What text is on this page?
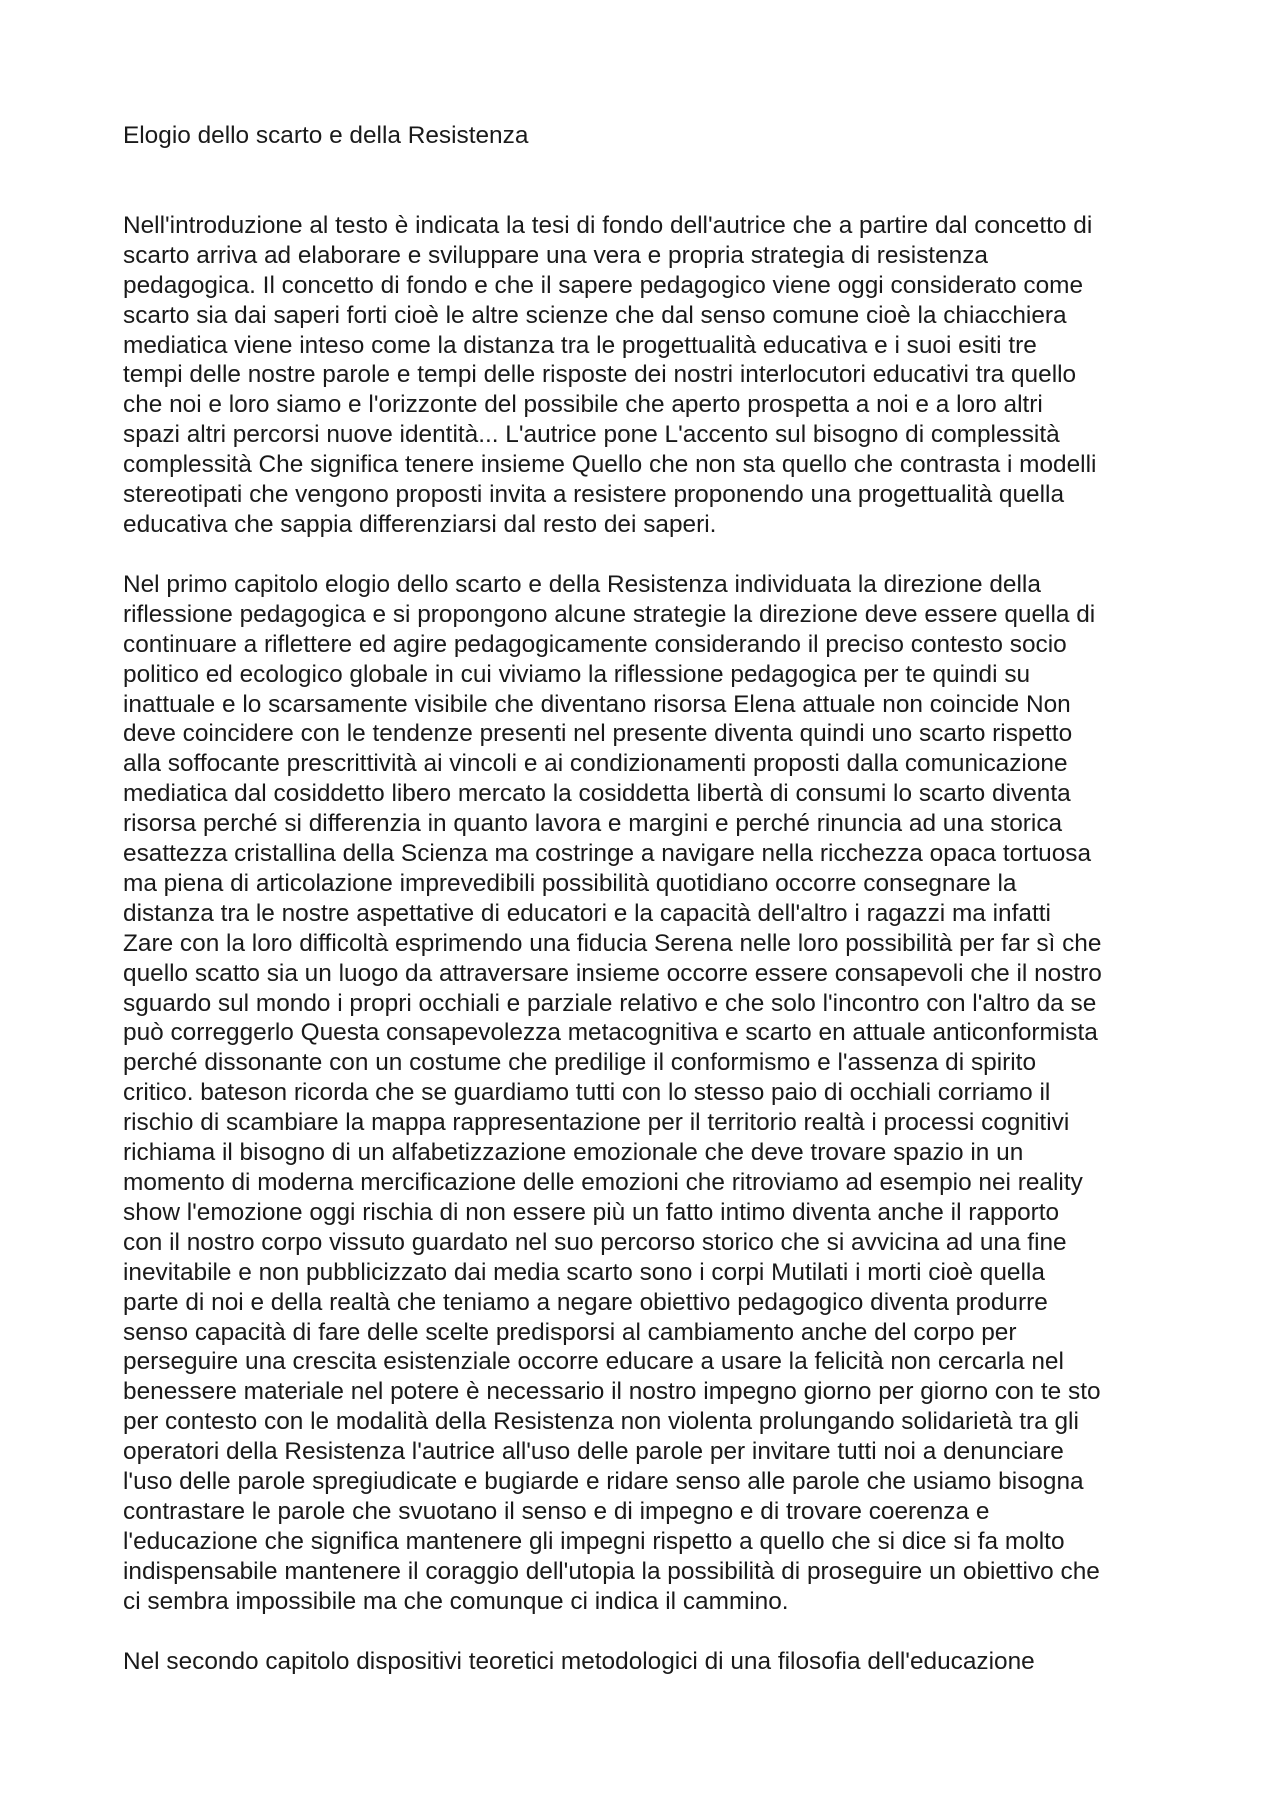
Elogio dello scarto e della Resistenza
Nell'introduzione al testo è indicata la tesi di fondo dell'autrice che a partire dal concetto di
scarto arriva ad elaborare e sviluppare una vera e propria strategia di resistenza
pedagogica. Il concetto di fondo e che il sapere pedagogico viene oggi considerato come
scarto sia dai saperi forti cioè le altre scienze che dal senso comune cioè la chiacchiera
mediatica viene inteso come la distanza tra le progettualità educativa e i suoi esiti tre
tempi delle nostre parole e tempi delle risposte dei nostri interlocutori educativi tra quello
che noi e loro siamo e l'orizzonte del possibile che aperto prospetta a noi e a loro altri
spazi altri percorsi nuove identità... L'autrice pone L'accento sul bisogno di complessità
complessità Che significa tenere insieme Quello che non sta quello che contrasta i modelli
stereotipati che vengono proposti invita a resistere proponendo una progettualità quella
educativa che sappia differenziarsi dal resto dei saperi.
Nel primo capitolo elogio dello scarto e della Resistenza individuata la direzione della
riflessione pedagogica e si propongono alcune strategie la direzione deve essere quella di
continuare a riflettere ed agire pedagogicamente considerando il preciso contesto socio
politico ed ecologico globale in cui viviamo la riflessione pedagogica per te quindi su
inattuale e lo scarsamente visibile che diventano risorsa Elena attuale non coincide Non
deve coincidere con le tendenze presenti nel presente diventa quindi uno scarto rispetto
alla soffocante prescrittività ai vincoli e ai condizionamenti proposti dalla comunicazione
mediatica dal cosiddetto libero mercato la cosiddetta libertà di consumi lo scarto diventa
risorsa perché si differenzia in quanto lavora e margini e perché rinuncia ad una storica
esattezza cristallina della Scienza ma costringe a navigare nella ricchezza opaca tortuosa
ma piena di articolazione imprevedibili possibilità quotidiano occorre consegnare la
distanza tra le nostre aspettative di educatori e la capacità dell'altro i ragazzi ma infatti
Zare con la loro difficoltà esprimendo una fiducia Serena nelle loro possibilità per far sì che
quello scatto sia un luogo da attraversare insieme occorre essere consapevoli che il nostro
sguardo sul mondo i propri occhiali e parziale relativo e che solo l'incontro con l'altro da se
può correggerlo Questa consapevolezza metacognitiva e scarto en attuale anticonformista
perché dissonante con un costume che predilige il conformismo e l'assenza di spirito
critico. bateson ricorda che se guardiamo tutti con lo stesso paio di occhiali corriamo il
rischio di scambiare la mappa rappresentazione per il territorio realtà i processi cognitivi
richiama il bisogno di un alfabetizzazione emozionale che deve trovare spazio in un
momento di moderna mercificazione delle emozioni che ritroviamo ad esempio nei reality
show l'emozione oggi rischia di non essere più un fatto intimo diventa anche il rapporto
con il nostro corpo vissuto guardato nel suo percorso storico che si avvicina ad una fine
inevitabile e non pubblicizzato dai media scarto sono i corpi Mutilati i morti cioè quella
parte di noi e della realtà che teniamo a negare obiettivo pedagogico diventa produrre
senso capacità di fare delle scelte predisporsi al cambiamento anche del corpo per
perseguire una crescita esistenziale occorre educare a usare la felicità non cercarla nel
benessere materiale nel potere è necessario il nostro impegno giorno per giorno con te sto
per contesto con le modalità della Resistenza non violenta prolungando solidarietà tra gli
operatori della Resistenza l'autrice all'uso delle parole per invitare tutti noi a denunciare
l'uso delle parole spregiudicate e bugiarde e ridare senso alle parole che usiamo bisogna
contrastare le parole che svuotano il senso e di impegno e di trovare coerenza e
l'educazione che significa mantenere gli impegni rispetto a quello che si dice si fa molto
indispensabile mantenere il coraggio dell'utopia la possibilità di proseguire un obiettivo che
ci sembra impossibile ma che comunque ci indica il cammino.
Nel secondo capitolo dispositivi teoretici metodologici di una filosofia dell'educazione
